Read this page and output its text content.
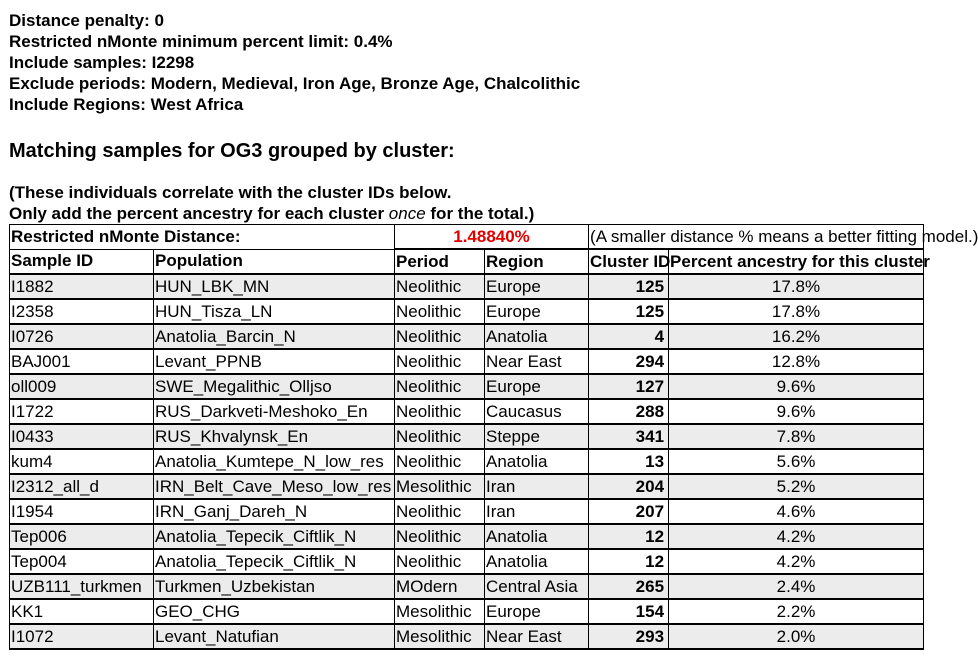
Distance penalty: 0
Restricted nMonte minimum percent limit: 0.4%
Include samples: I2298
Exclude periods: Modern, Medieval, Iron Age, Bronze Age, Chalcolithic
Include Regions: West Africa
Matching samples for OG3 grouped by cluster:
(These individuals correlate with the cluster IDs below.
Only add the percent ancestry for each cluster once for the total.)
Restricted nMonte Distance:		1.48840%		(A smaller distance % means a better fitting model.)	
Sample ID	Population	Period	Region	Cluster ID	Percent ancestry for this cluster
I1882	HUN_LBK_MN	Neolithic	Europe	125	17.8%
I2358	HUN_Tisza_LN	Neolithic	Europe	125	17.8%
I0726	Anatolia_Barcin_N	Neolithic	Anatolia	4	16.2%
BAJ001	Levant_PPNB	Neolithic	Near East	294	12.8%
oll009	SWE_Megalithic_Olljso	Neolithic	Europe	127	9.6%
I1722	RUS_Darkveti-Meshoko_En	Neolithic	Caucasus	288	9.6%
I0433	RUS_Khvalynsk_En	Neolithic	Steppe	341	7.8%
kum4	Anatolia_Kumtepe_N_low_res	Neolithic	Anatolia	13	5.6%
I2312_all_d	IRN_Belt_Cave_Meso_low_res	Mesolithic	Iran	204	5.2%
I1954	IRN_Ganj_Dareh_N	Neolithic	Iran	207	4.6%
Tep006	Anatolia_Tepecik_Ciftlik_N	Neolithic	Anatolia	12	4.2%
Tep004	Anatolia_Tepecik_Ciftlik_N	Neolithic	Anatolia	12	4.2%
UZB111_turkmen	Turkmen_Uzbekistan	MOdern	Central Asia	265	2.4%
KK1	GEO_CHG	Mesolithic	Europe	154	2.2%
I1072	Levant_Natufian	Mesolithic	Near East	293	2.0%
